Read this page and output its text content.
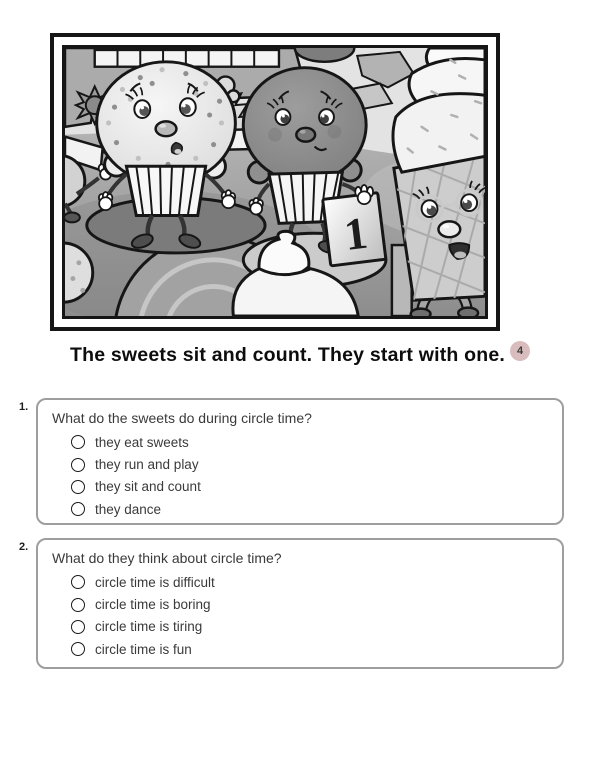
1
The sweets sit and count. They start with one. 4
1.
What do the sweets do during circle time?
they eat sweets
they run and play
they sit and count
they dance
2.
What do they think about circle time?
circle time is difficult
circle time is boring
circle time is tiring
circle time is fun
